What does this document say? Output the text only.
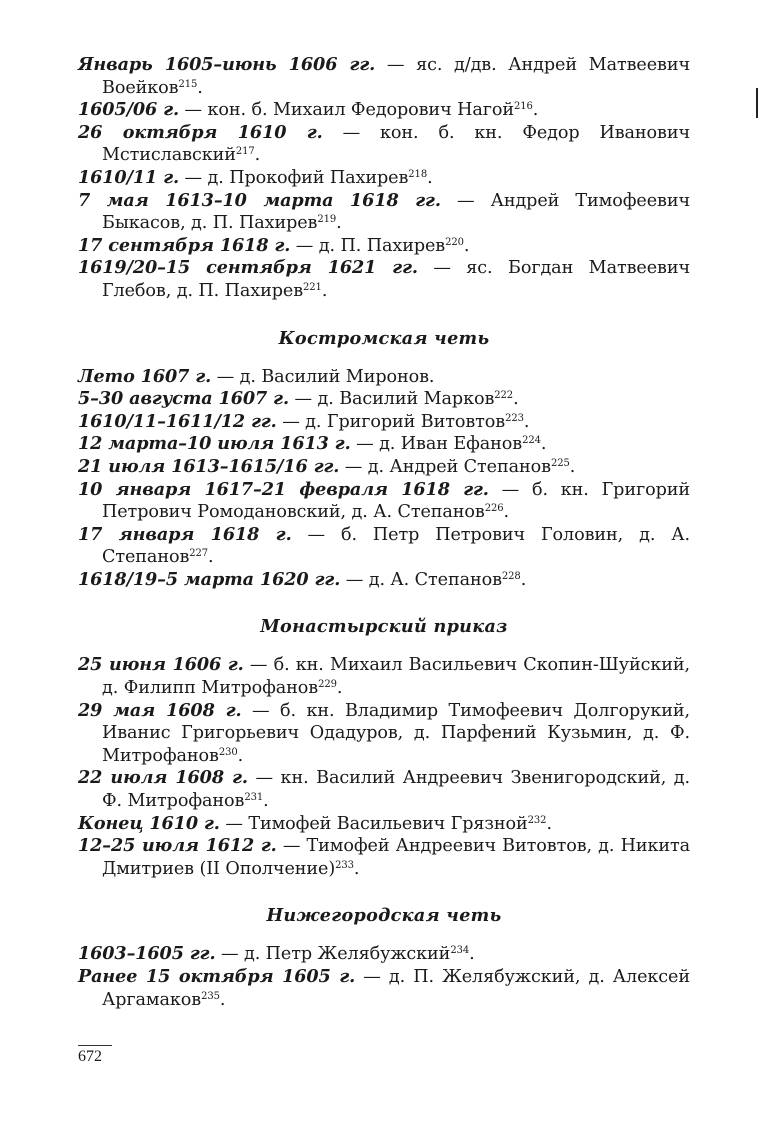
Январь 1605–июнь 1606 гг. — яс. д/дв. Андрей Матвеевич Воейков$^{215}$.
1605/06 г. — кон. б. Михаил Федорович Нагой$^{216}$.
26 октября 1610 г. — кон. б. кн. Федор Иванович Мстиславский$^{217}$.
1610/11 г. — д. Прокофий Пахирев$^{218}$.
7 мая 1613–10 марта 1618 гг. — Андрей Тимофеевич Быкасов, д. П. Пахирев$^{219}$.
17 сентября 1618 г. — д. П. Пахирев$^{220}$.
1619/20–15 сентября 1621 гг. — яс. Богдан Матвеевич Глебов, д. П. Пахирев$^{221}$.
Костромская четь
Лето 1607 г. — д. Василий Миронов.
5–30 августа 1607 г. — д. Василий Марков$^{222}$.
1610/11–1611/12 гг. — д. Григорий Витовтов$^{223}$.
12 марта–10 июля 1613 г. — д. Иван Ефанов$^{224}$.
21 июля 1613–1615/16 гг. — д. Андрей Степанов$^{225}$.
10 января 1617–21 февраля 1618 гг. — б. кн. Григорий Петрович Ромодановский, д. А. Степанов$^{226}$.
17 января 1618 г. — б. Петр Петрович Головин, д. А. Степанов$^{227}$.
1618/19–5 марта 1620 гг. — д. А. Степанов$^{228}$.
Монастырский приказ
25 июня 1606 г. — б. кн. Михаил Васильевич Скопин-Шуйский, д. Филипп Митрофанов$^{229}$.
29 мая 1608 г. — б. кн. Владимир Тимофеевич Долгорукий, Иванис Григорьевич Одадуров, д. Парфений Кузьмин, д. Ф. Митрофанов$^{230}$.
22 июля 1608 г. — кн. Василий Андреевич Звенигородский, д. Ф. Митрофанов$^{231}$.
Конец 1610 г. — Тимофей Васильевич Грязной$^{232}$.
12–25 июля 1612 г. — Тимофей Андреевич Витовтов, д. Никита Дмитриев (II Ополчение)$^{233}$.
Нижегородская четь
1603–1605 гг. — д. Петр Желябужский$^{234}$.
Ранее 15 октября 1605 г. — д. П. Желябужский, д. Алексей Аргамаков$^{235}$.
672
